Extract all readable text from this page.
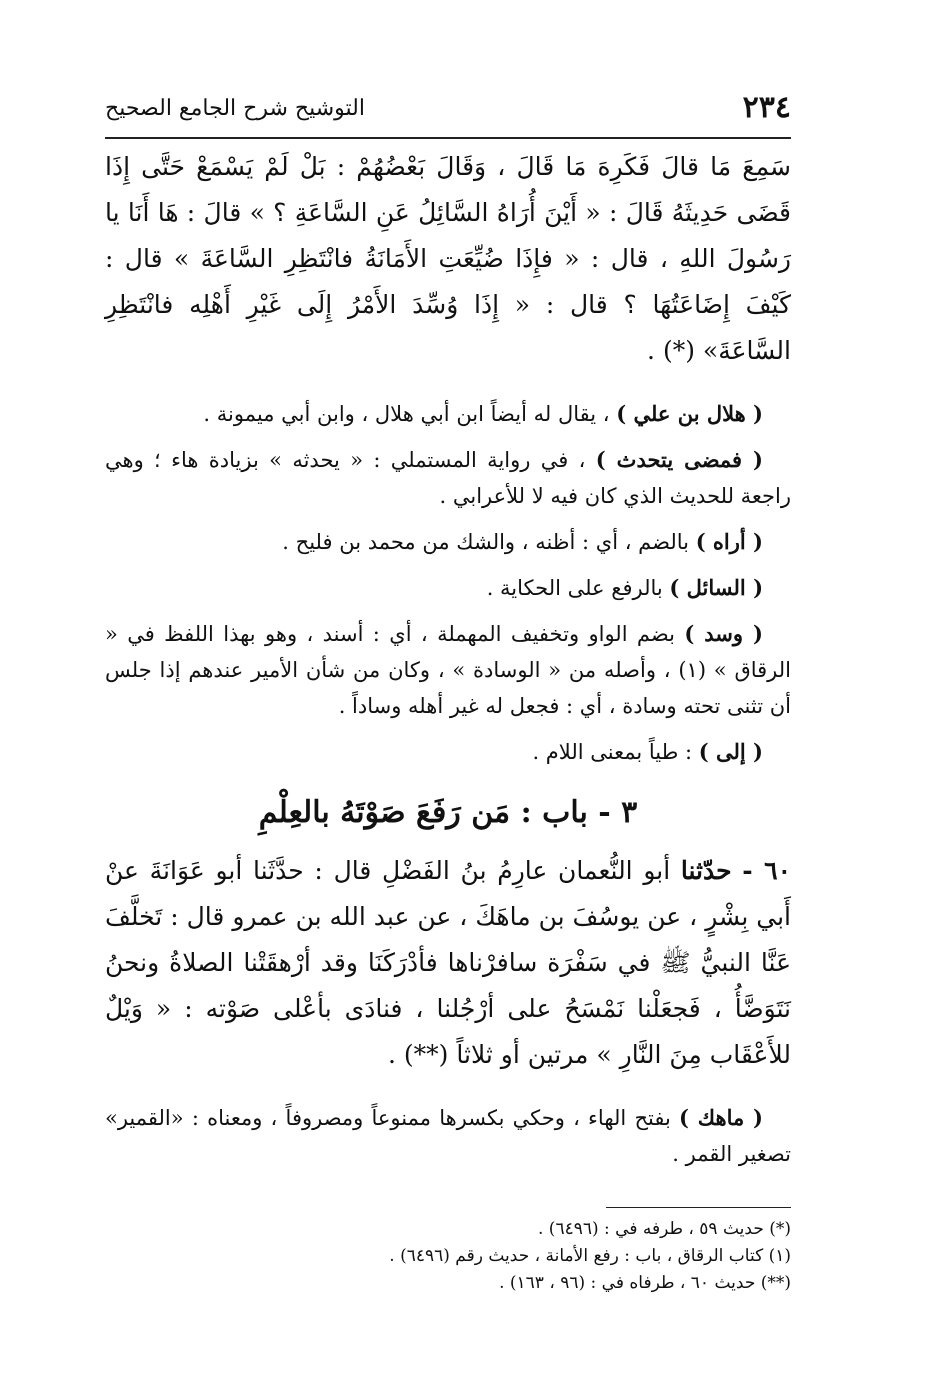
٢٣٤
التوشيح شرح الجامع الصحيح

سَمِعَ مَا قالَ فَكَرِهَ مَا قَالَ ، وَقَالَ بَعْضُهُمْ : بَلْ لَمْ يَسْمَعْ حَتَّى إِذَا قَضَى حَدِيثَهُ قَالَ : « أَيْنَ أُرَاهُ السَّائِلُ عَنِ السَّاعَةِ ؟ » قالَ : هَا أَنَا يا رَسُولَ اللهِ ، قال : « فإِذَا ضُيِّعَتِ الأَمَانَةُ فانْتَظِرِ السَّاعَةَ » قال : كَيْفَ إِضَاعَتُهَا ؟ قال : « إِذَا وُسِّدَ الأَمْرُ إِلَى غَيْرِ أَهْلِه فانْتَظِرِ السَّاعَةَ» (*) .

( هلال بن علي ) ، يقال له أيضاً ابن أبي هلال ، وابن أبي ميمونة .

( فمضى يتحدث ) ، في رواية المستملي : « يحدثه » بزيادة هاء ؛ وهي راجعة للحديث الذي كان فيه لا للأعرابي .

( أراه ) بالضم ، أي : أظنه ، والشك من محمد بن فليح .

( السائل ) بالرفع على الحكاية .

( وسد ) بضم الواو وتخفيف المهملة ، أي : أسند ، وهو بهذا اللفظ في « الرقاق » (١) ، وأصله من « الوسادة » ، وكان من شأن الأمير عندهم إذا جلس أن تثنى تحته وسادة ، أي : فجعل له غير أهله وساداً .

( إلى ) : طياً بمعنى اللام .

٣ - باب : مَن رَفَعَ صَوْتَهُ بالعِلْمِ

٦٠ - حدّثنا أبو النُّعمان عارِمُ بنُ الفَضْلِ قال : حدَّثَنا أبو عَوَانَةَ عنْ أَبي بِشْرٍ ، عن يوسُفَ بن ماهَكَ ، عن عبد الله بن عمرو قال : تَخلَّفَ عَنَّا النبيُّ ﷺ في سَفْرَة سافرْناها فأدْرَكَنَا وقد أرْهقَتْنا الصلاةُ ونحنُ نَتَوَضَّأُ ، فَجعَلْنا نَمْسَحُ على أرْجُلنا ، فنادَى بأعْلى صَوْته : « وَيْلٌ للأَعْقَاب مِنَ النَّارِ » مرتين أو ثلاثاً (**) .

( ماهك ) بفتح الهاء ، وحكي بكسرها ممنوعاً ومصروفاً ، ومعناه : «القمير» تصغير القمر .

(*) حديث ٥٩ ، طرفه في : (٦٤٩٦) .

(١) كتاب الرقاق ، باب : رفع الأمانة ، حديث رقم (٦٤٩٦) .

(**) حديث ٦٠ ، طرفاه في : (٩٦ ، ١٦٣) .
